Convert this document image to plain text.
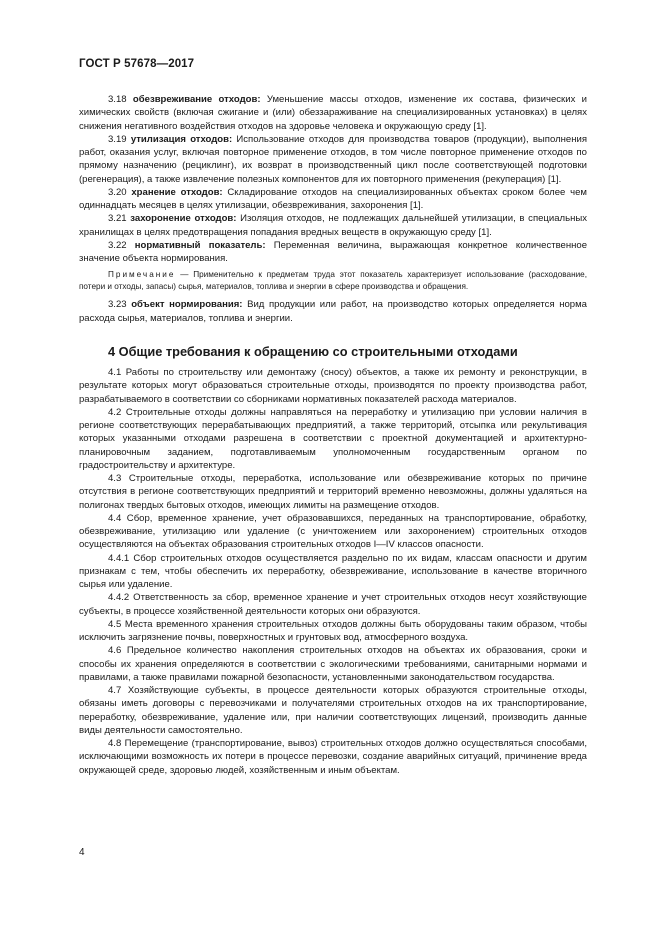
ГОСТ Р 57678—2017

3.18 обезвреживание отходов: Уменьшение массы отходов, изменение их состава, физических и химических свойств (включая сжигание и (или) обеззараживание на специализированных установках) в целях снижения негативного воздействия отходов на здоровье человека и окружающую среду [1].

3.19 утилизация отходов: Использование отходов для производства товаров (продукции), выполнения работ, оказания услуг, включая повторное применение отходов, в том числе повторное применение отходов по прямому назначению (рециклинг), их возврат в производственный цикл после соответствующей подготовки (регенерация), а также извлечение полезных компонентов для их повторного применения (рекуперация) [1].

3.20 хранение отходов: Складирование отходов на специализированных объектах сроком более чем одиннадцать месяцев в целях утилизации, обезвреживания, захоронения [1].

3.21 захоронение отходов: Изоляция отходов, не подлежащих дальнейшей утилизации, в специальных хранилищах в целях предотвращения попадания вредных веществ в окружающую среду [1].

3.22 нормативный показатель: Переменная величина, выражающая конкретное количественное значение объекта нормирования.

Примечание — Применительно к предметам труда этот показатель характеризует использование (расходование, потери и отходы, запасы) сырья, материалов, топлива и энергии в сфере производства и обращения.

3.23 объект нормирования: Вид продукции или работ, на производство которых определяется норма расхода сырья, материалов, топлива и энергии.

4 Общие требования к обращению со строительными отходами

4.1 Работы по строительству или демонтажу (сносу) объектов, а также их ремонту и реконструкции, в результате которых могут образоваться строительные отходы, производятся по проекту производства работ, разрабатываемого в соответствии со сборниками нормативных показателей расхода материалов.

4.2 Строительные отходы должны направляться на переработку и утилизацию при условии наличия в регионе соответствующих перерабатывающих предприятий, а также территорий, отсыпка или рекультивация которых указанными отходами разрешена в соответствии с проектной документацией и архитектурно-планировочным заданием, подготавливаемым уполномоченным государственным органом по градостроительству и архитектуре.

4.3 Строительные отходы, переработка, использование или обезвреживание которых по причине отсутствия в регионе соответствующих предприятий и территорий временно невозможны, должны удаляться на полигонах твердых бытовых отходов, имеющих лимиты на размещение отходов.

4.4 Сбор, временное хранение, учет образовавшихся, переданных на транспортирование, обработку, обезвреживание, утилизацию или удаление (с уничтожением или захоронением) строительных отходов осуществляются на объектах образования строительных отходов I—IV классов опасности.

4.4.1 Сбор строительных отходов осуществляется раздельно по их видам, классам опасности и другим признакам с тем, чтобы обеспечить их переработку, обезвреживание, использование в качестве вторичного сырья или удаление.

4.4.2 Ответственность за сбор, временное хранение и учет строительных отходов несут хозяйствующие субъекты, в процессе хозяйственной деятельности которых они образуются.

4.5 Места временного хранения строительных отходов должны быть оборудованы таким образом, чтобы исключить загрязнение почвы, поверхностных и грунтовых вод, атмосферного воздуха.

4.6 Предельное количество накопления строительных отходов на объектах их образования, сроки и способы их хранения определяются в соответствии с экологическими требованиями, санитарными нормами и правилами, а также правилами пожарной безопасности, установленными законодательством государства.

4.7 Хозяйствующие субъекты, в процессе деятельности которых образуются строительные отходы, обязаны иметь договоры с перевозчиками и получателями строительных отходов на их транспортирование, переработку, обезвреживание, удаление или, при наличии соответствующих лицензий, производить данные виды деятельности самостоятельно.

4.8 Перемещение (транспортирование, вывоз) строительных отходов должно осуществляться способами, исключающими возможность их потери в процессе перевозки, создание аварийных ситуаций, причинение вреда окружающей среде, здоровью людей, хозяйственным и иным объектам.

4
